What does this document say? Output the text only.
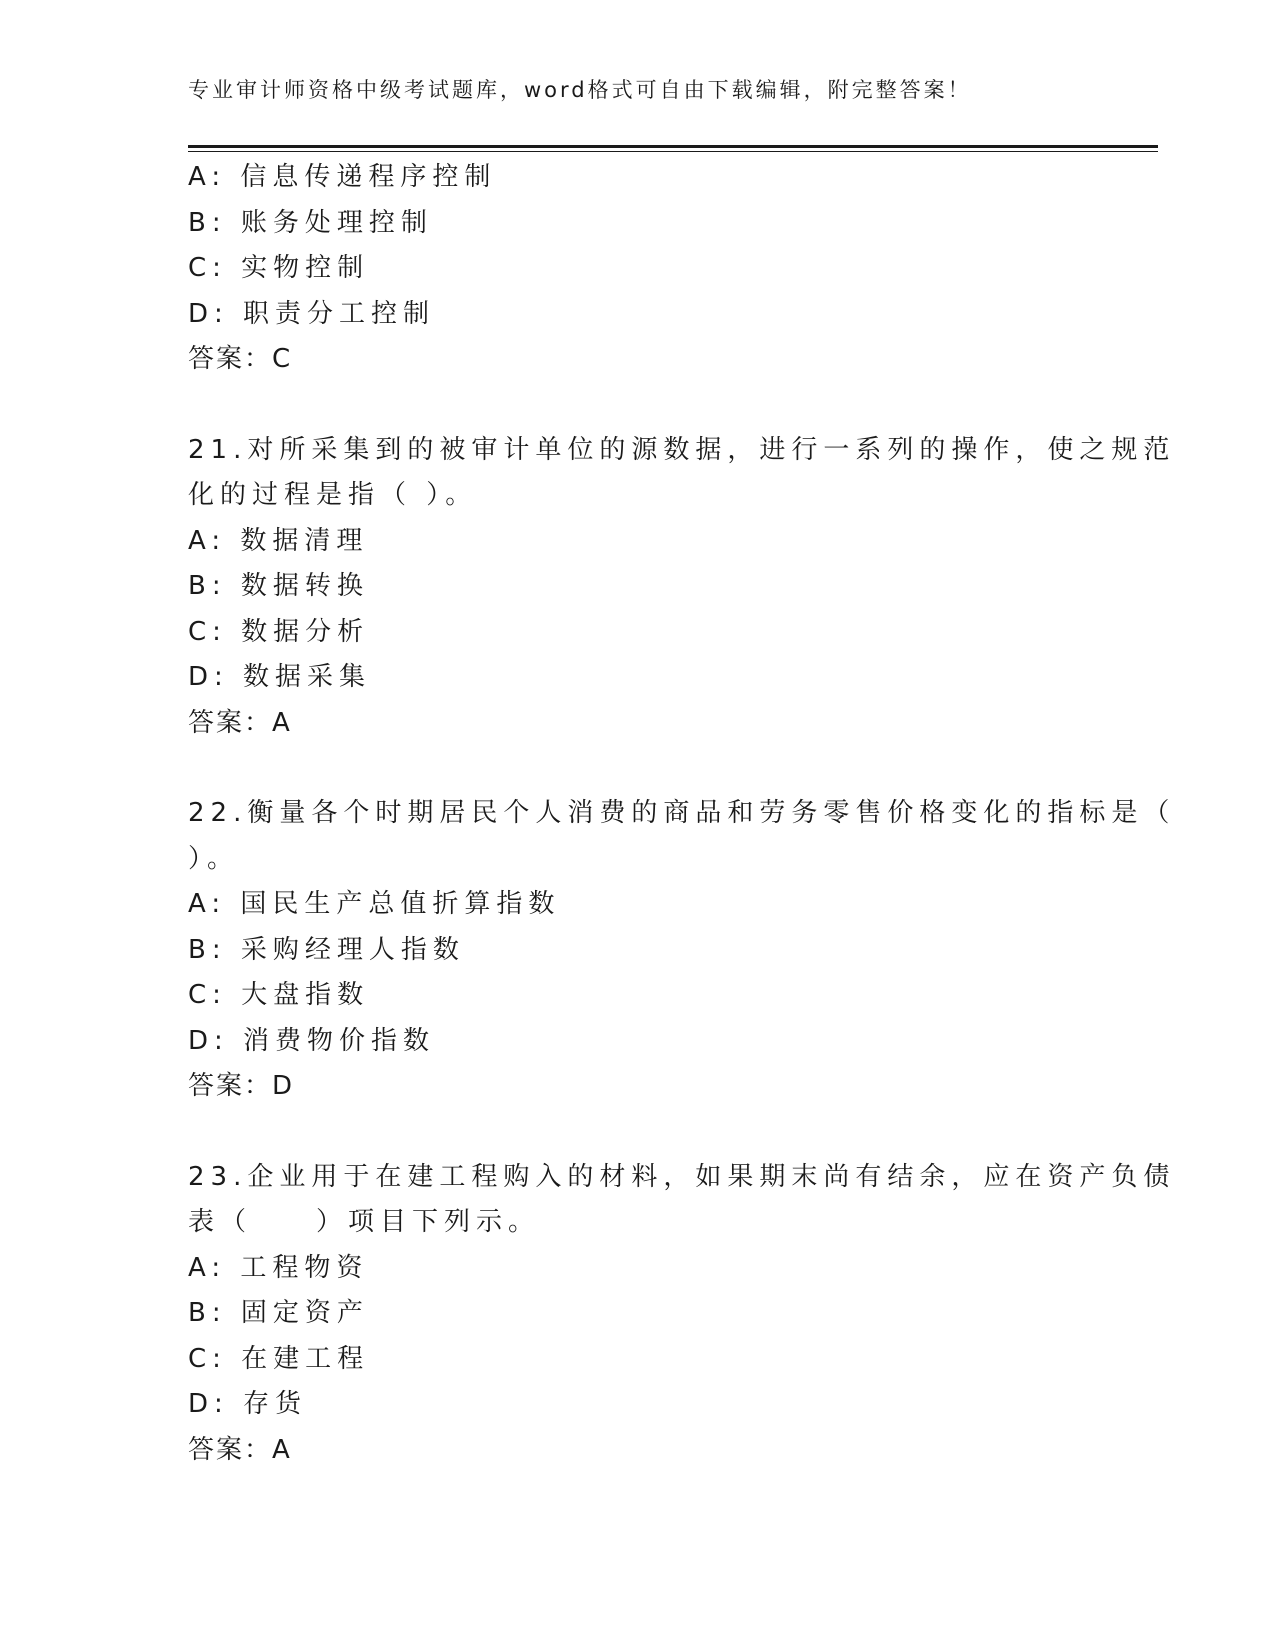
专业审计师资格中级考试题库，word格式可自由下载编辑，附完整答案！
A: 信息传递程序控制
B: 账务处理控制
C: 实物控制
D: 职责分工控制
答案：C
21.对所采集到的被审计单位的源数据，进行一系列的操作，使之规范
化的过程是指（ ）。
A: 数据清理
B: 数据转换
C: 数据分析
D: 数据采集
答案：A
22.衡量各个时期居民个人消费的商品和劳务零售价格变化的指标是（
）。
A: 国民生产总值折算指数
B: 采购经理人指数
C: 大盘指数
D: 消费物价指数
答案：D
23.企业用于在建工程购入的材料，如果期末尚有结余，应在资产负债
表（　　）项目下列示。
A: 工程物资
B: 固定资产
C: 在建工程
D: 存货
答案：A
